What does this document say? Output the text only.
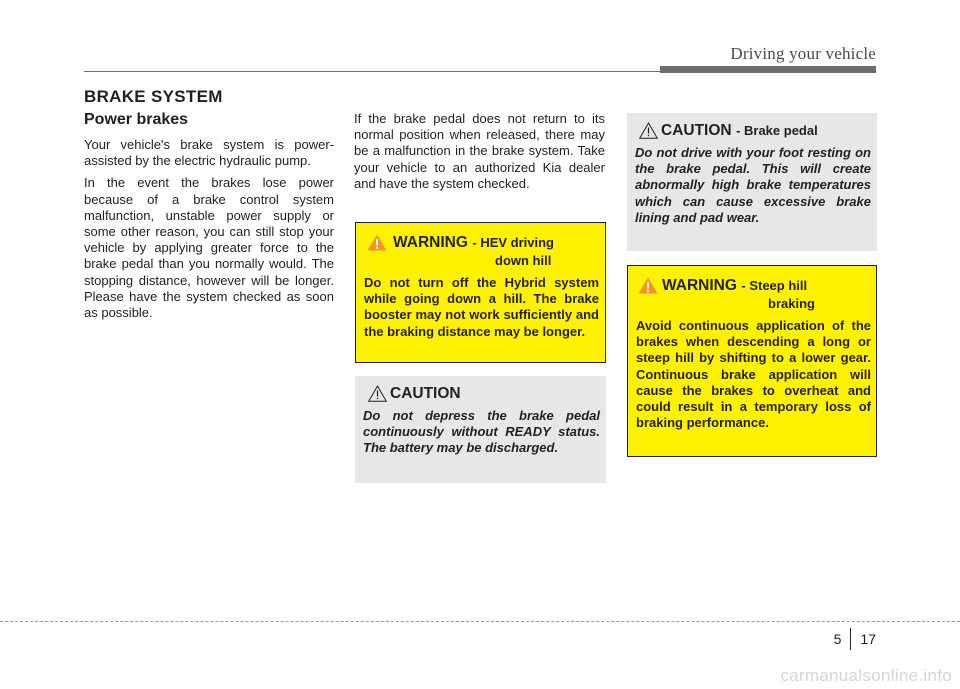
Driving your vehicle
BRAKE SYSTEM
Power brakes

Your vehicle's brake system is power-assisted by the electric hydraulic pump.

In the event the brakes lose power because of a brake control system malfunction, unstable power supply or some other reason, you can still stop your vehicle by applying greater force to the brake pedal than you normally would. The stopping distance, however will be longer. Please have the system checked as soon as possible.

If the brake pedal does not return to its normal position when released, there may be a malfunction in the brake system. Take your vehicle to an authorized Kia dealer and have the system checked.

WARNING - HEV driving
down hill

Do not turn off the Hybrid system while going down a hill. The brake booster may not work sufficiently and the braking distance may be longer.

CAUTION

Do not depress the brake pedal continuously without READY status. The battery may be discharged.

CAUTION - Brake pedal

Do not drive with your foot resting on the brake pedal. This will create abnormally high brake temperatures which can cause excessive brake lining and pad wear.

WARNING - Steep hill
braking

Avoid continuous application of the brakes when descending a long or steep hill by shifting to a lower gear. Continuous brake application will cause the brakes to overheat and could result in a temporary loss of braking performance.

5 17
carmanualsonline.info
